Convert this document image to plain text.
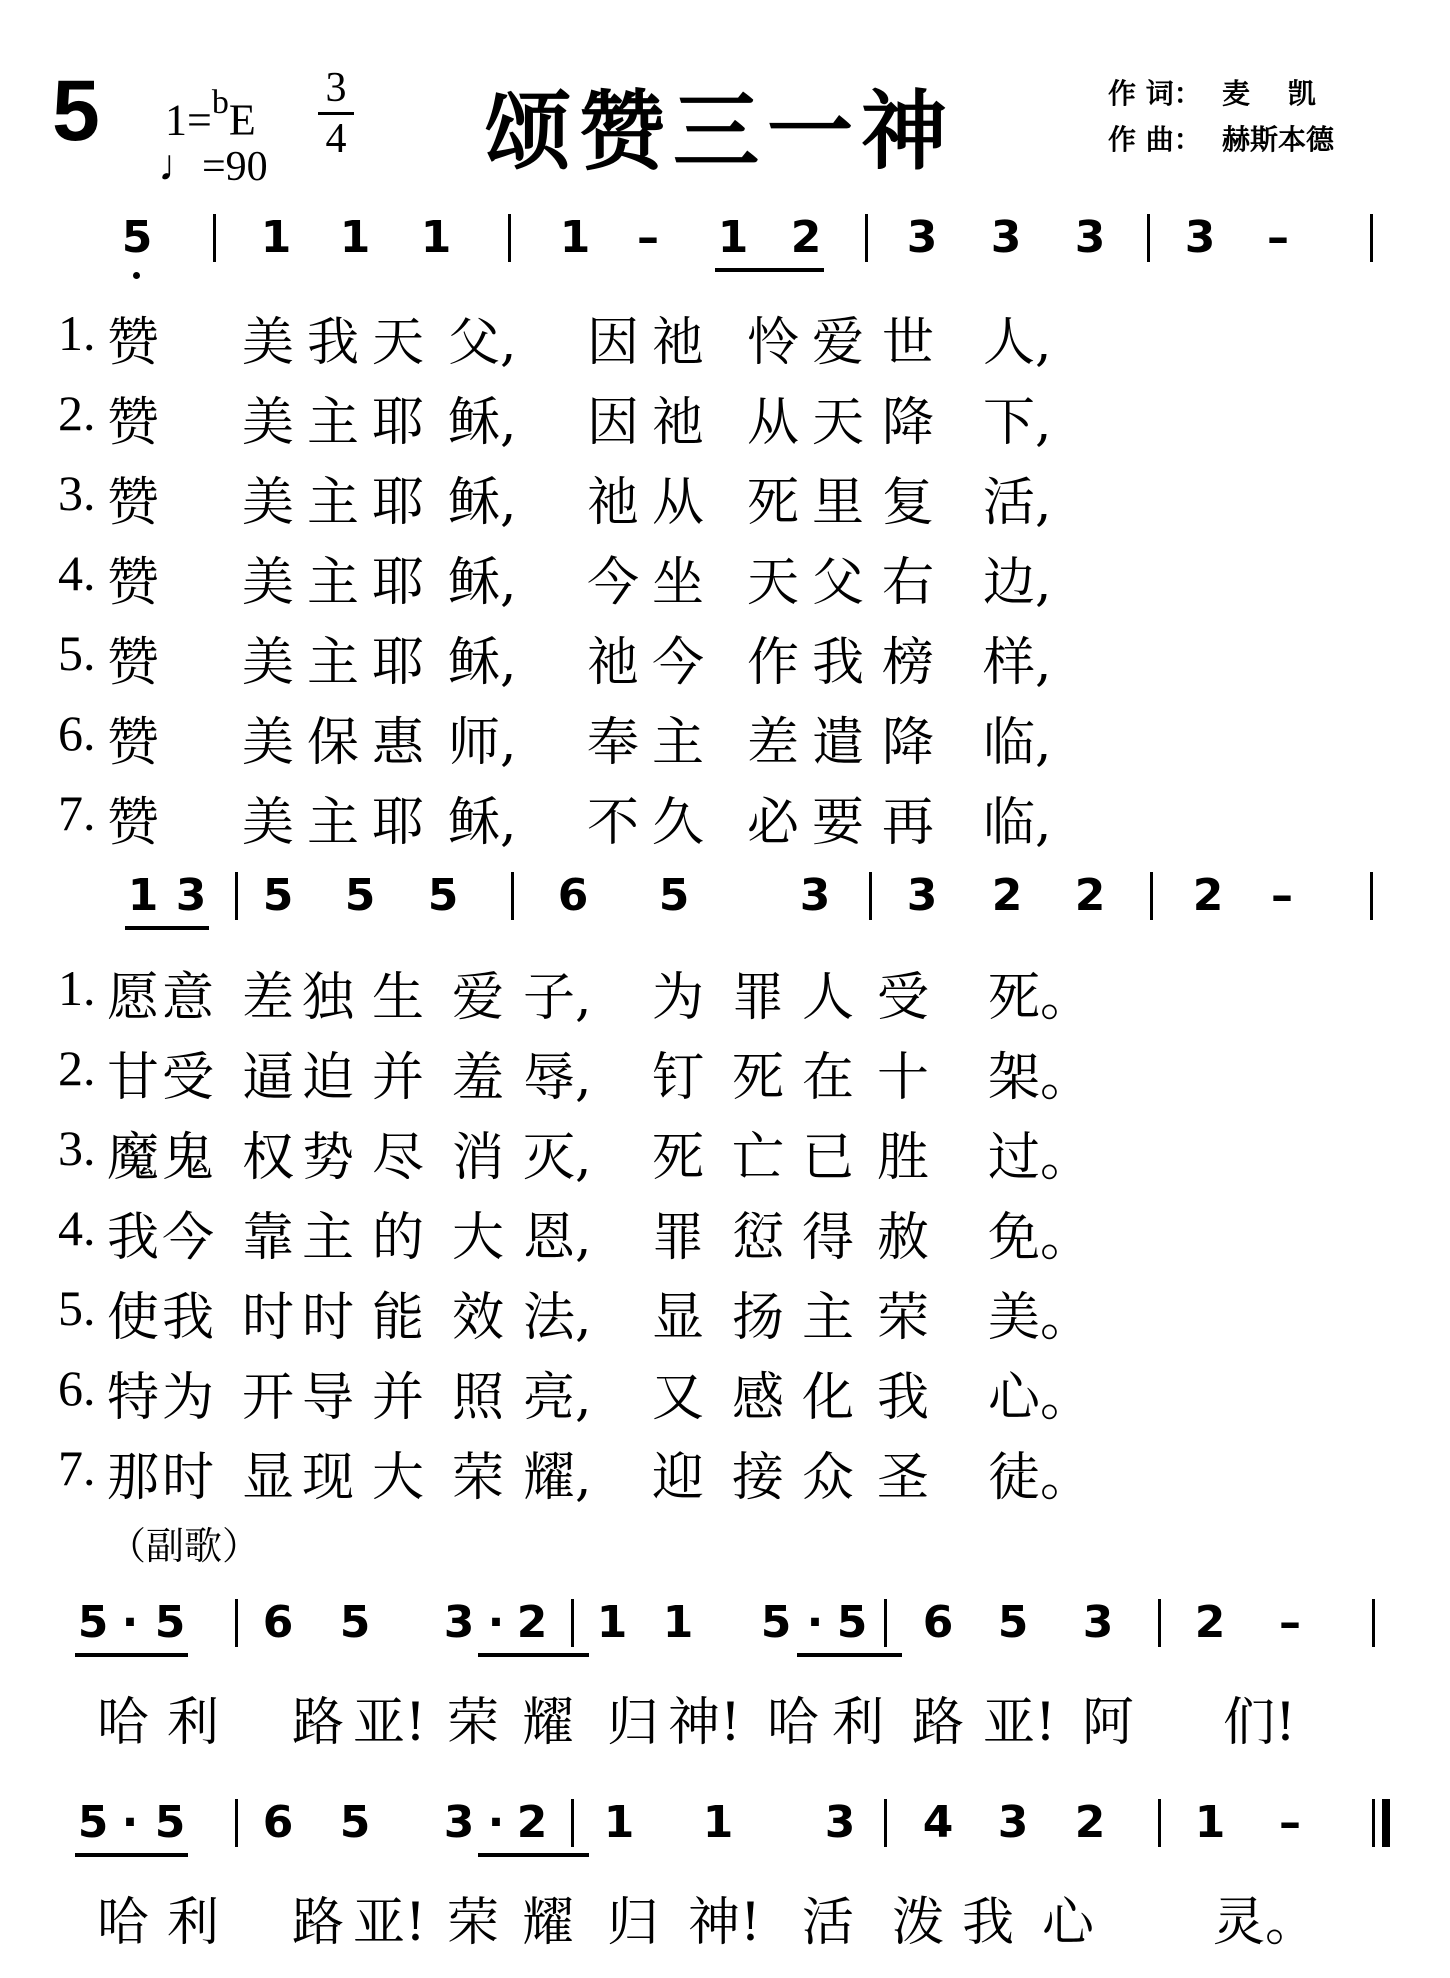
5 1=$^b$E
♩=90
3
4 颂赞三一神	作 词： 麦 　凯
作 曲： 赫斯本德
（副歌）
5 1 1 1 1 – 1 2 3 3 3 3 –
1 3 5 5 5 6 5	3 3 2 2 2 –
5 · 5 6 5 3 · 2 1 1 5 · 5 6 5 3 2 –
5 · 5 6 5 3 · 2 1 1 3 4 3 2 1 –
1. 赞 美 我 天 父, 因 祂 怜 爱 世 人,
2. 赞 美 主 耶 稣, 因 祂 从 天 降 下,
3. 赞 美 主 耶 稣, 祂 从 死 里 复 活,
4. 赞 美 主 耶 稣, 今 坐 天 父 右 边,
5. 赞 美 主 耶 稣, 祂 今 作 我 榜 样,
6. 赞 美 保 惠 师, 奉 主 差 遣 降 临,
7. 赞 美 主 耶 稣, 不 久 必 要 再 临,
1. 愿 意 差 独 生 爱 子, 为 罪 人 受 死。
2. 甘 受 逼 迫 并 羞 辱, 钉 死 在 十 架。
3. 魔 鬼 权 势 尽 消 灭, 死 亡 已 胜 过。
4. 我 今 靠 主 的 大 恩, 罪 愆 得 赦 免。
5. 使 我 时 时 能 效 法, 显 扬 主 荣 美。
6. 特 为 开 导 并 照 亮, 又 感 化 我 心。
7. 那 时 显 现 大 荣 耀, 迎 接 众 圣 徒。
哈 利 路 亚! 荣 耀 归 神! 哈 利 路 亚! 阿 们!
哈 利 路 亚! 荣 耀 归 神! 活 泼 我 心 灵。
